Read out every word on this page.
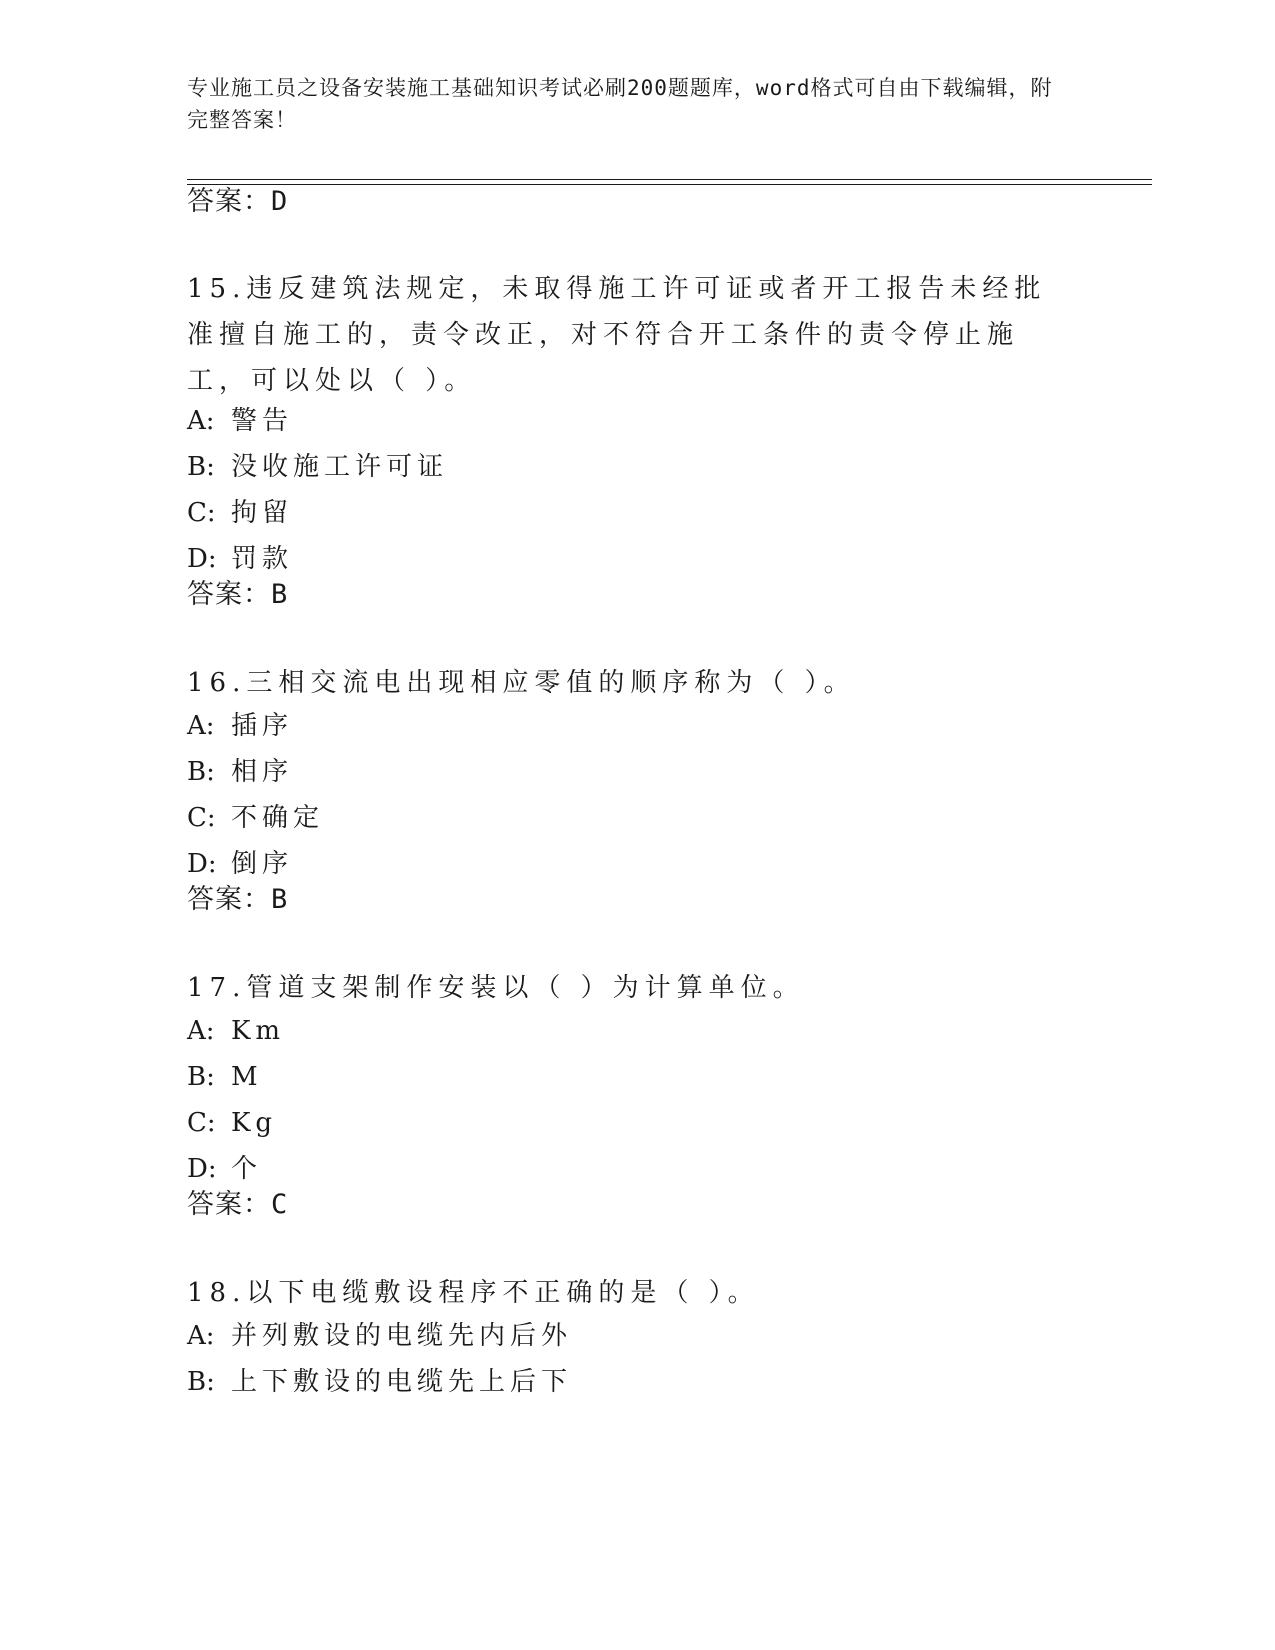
专业施工员之设备安装施工基础知识考试必刷200题题库，word格式可自由下载编辑，附完整答案！
答案：D
15.违反建筑法规定，未取得施工许可证或者开工报告未经批准擅自施工的，责令改正，对不符合开工条件的责令停止施工，可以处以（ ）。
A: 警告
B: 没收施工许可证
C: 拘留
D: 罚款
答案：B
16.三相交流电出现相应零值的顺序称为（ ）。
A: 插序
B: 相序
C: 不确定
D: 倒序
答案：B
17.管道支架制作安装以（ ）为计算单位。
A: Km
B: M
C: Kg
D: 个
答案：C
18.以下电缆敷设程序不正确的是（ ）。
A: 并列敷设的电缆先内后外
B: 上下敷设的电缆先上后下
